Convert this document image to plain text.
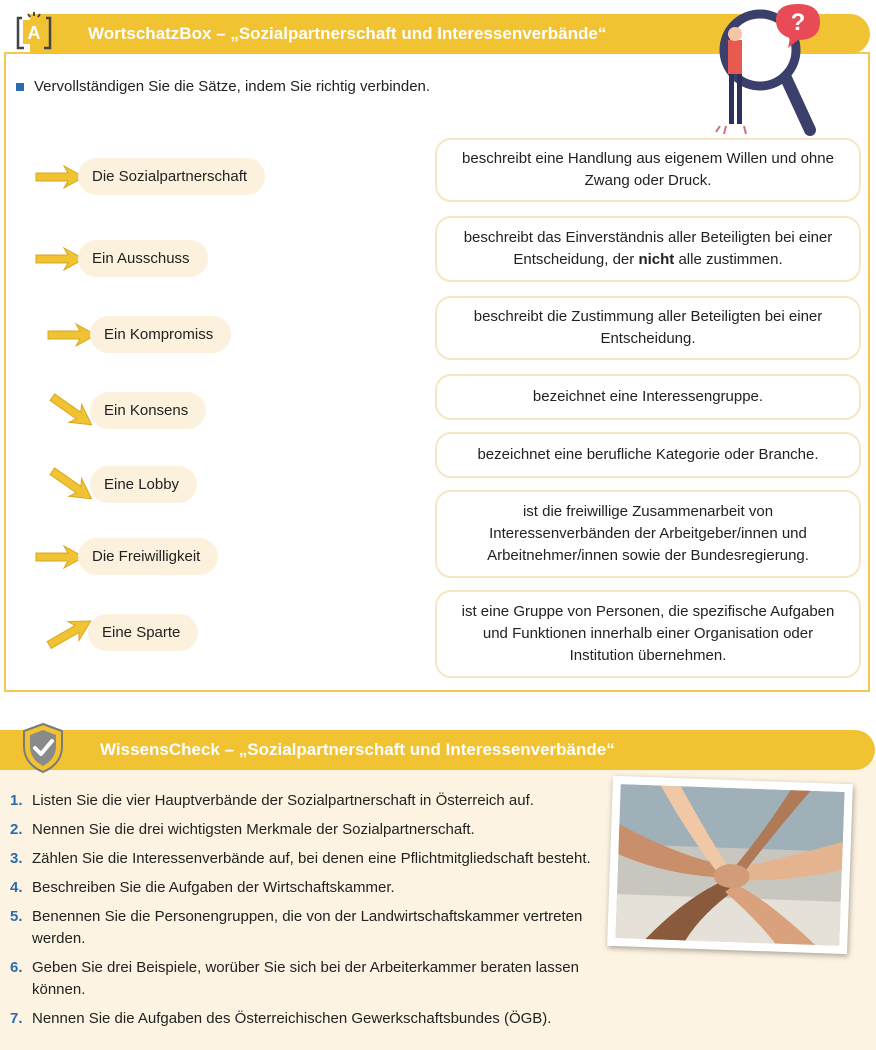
WortschatzBox – „Sozialpartnerschaft und Interessenverbände“
A	?
Vervollständigen Sie die Sätze, indem Sie richtig verbinden.
Die Sozialpartnerschaft
Ein Ausschuss
Ein Kompromiss
Ein Konsens
Eine Lobby
Die Freiwilligkeit
Eine Sparte
beschreibt eine Handlung aus eigenem Willen und ohne Zwang oder Druck.
beschreibt das Einverständnis aller Beteiligten bei einer Entscheidung, der nicht alle zustimmen.
beschreibt die Zustimmung aller Beteiligten bei einer Entscheidung.
bezeichnet eine Interessengruppe.
bezeichnet eine berufliche Kategorie oder Branche.
ist die freiwillige Zusammenarbeit von Interessenverbänden der Arbeitgeber/innen und Arbeitnehmer/innen sowie der Bundesregierung.
ist eine Gruppe von Personen, die spezifische Aufgaben und Funktionen innerhalb einer Organisation oder Institution übernehmen.
WissensCheck – „Sozialpartnerschaft und Interessenverbände“
1. Listen Sie die vier Hauptverbände der Sozialpartnerschaft in Österreich auf.
2. Nennen Sie die drei wichtigsten Merkmale der Sozialpartnerschaft.
3. Zählen Sie die Interessenverbände auf, bei denen eine Pflichtmitgliedschaft besteht.
4. Beschreiben Sie die Aufgaben der Wirtschaftskammer.
5. Benennen Sie die Personengruppen, die von der Landwirtschaftskammer vertreten werden.
6. Geben Sie drei Beispiele, worüber Sie sich bei der Arbeiterkammer beraten lassen können.
7. Nennen Sie die Aufgaben des Österreichischen Gewerkschaftsbundes (ÖGB).
